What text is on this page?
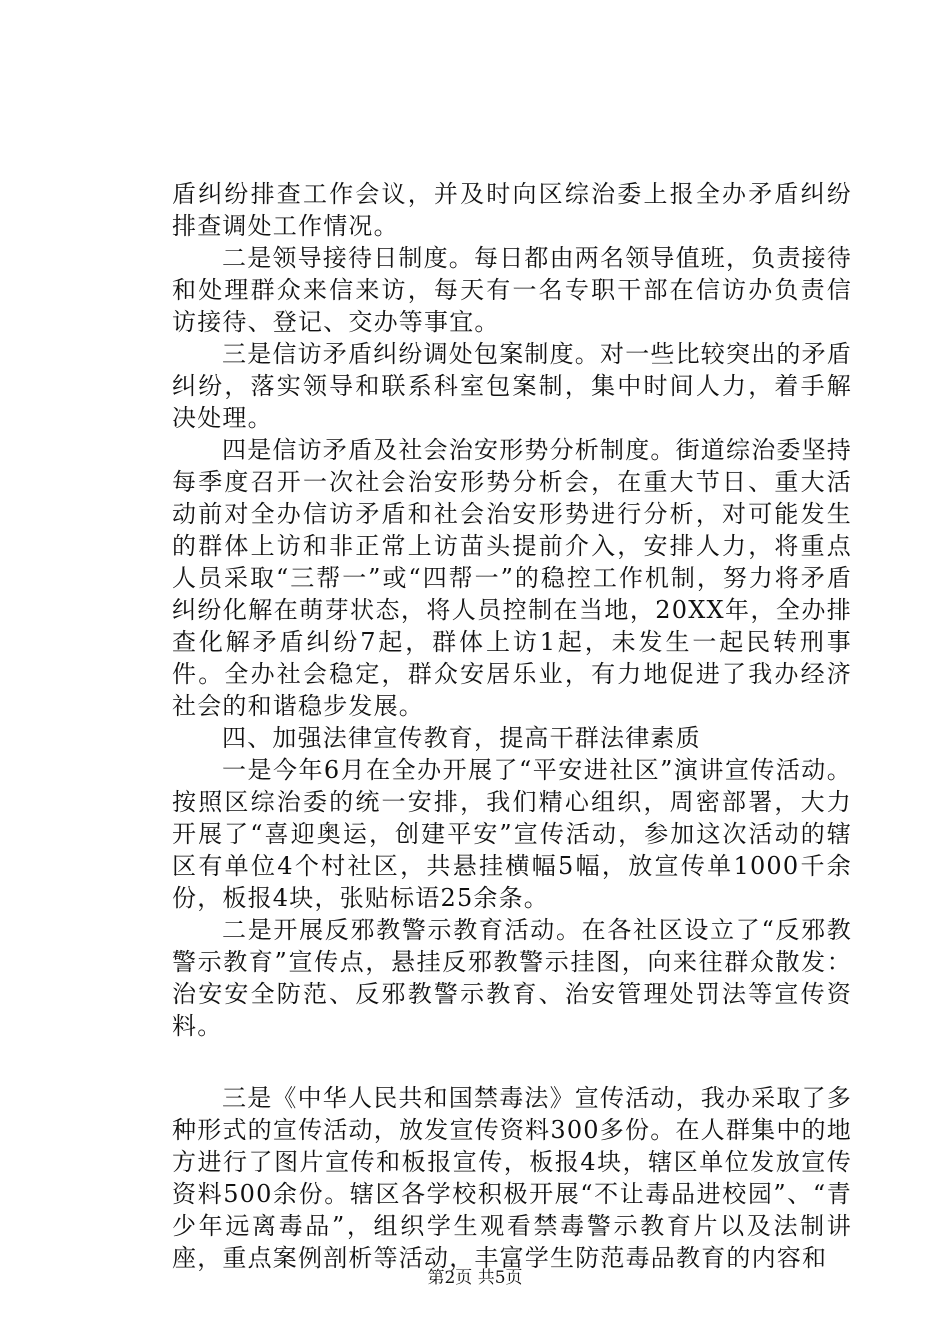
盾纠纷排查工作会议，并及时向区综治委上报全办矛盾纠纷排查调处工作情况。

二是领导接待日制度。每日都由两名领导值班，负责接待和处理群众来信来访，每天有一名专职干部在信访办负责信访接待、登记、交办等事宜。

三是信访矛盾纠纷调处包案制度。对一些比较突出的矛盾纠纷，落实领导和联系科室包案制，集中时间人力，着手解决处理。

四是信访矛盾及社会治安形势分析制度。街道综治委坚持每季度召开一次社会治安形势分析会，在重大节日、重大活动前对全办信访矛盾和社会治安形势进行分析，对可能发生的群体上访和非正常上访苗头提前介入，安排人力，将重点人员采取“三帮一”或“四帮一”的稳控工作机制，努力将矛盾纠纷化解在萌芽状态，将人员控制在当地，20XX年，全办排查化解矛盾纠纷7起，群体上访1起，未发生一起民转刑事件。全办社会稳定，群众安居乐业，有力地促进了我办经济社会的和谐稳步发展。

四、加强法律宣传教育，提高干群法律素质

一是今年6月在全办开展了“平安进社区”演讲宣传活动。按照区综治委的统一安排，我们精心组织，周密部署，大力开展了“喜迎奥运，创建平安”宣传活动，参加这次活动的辖区有单位4个村社区，共悬挂横幅5幅，放宣传单1000千余份，板报4块，张贴标语25余条。

二是开展反邪教警示教育活动。在各社区设立了“反邪教警示教育”宣传点，悬挂反邪教警示挂图，向来往群众散发：治安安全防范、反邪教警示教育、治安管理处罚法等宣传资料。

三是《中华人民共和国禁毒法》宣传活动，我办采取了多种形式的宣传活动，放发宣传资料300多份。在人群集中的地方进行了图片宣传和板报宣传，板报4块，辖区单位发放宣传资料500余份。辖区各学校积极开展“不让毒品进校园”、“青少年远离毒品”，组织学生观看禁毒警示教育片以及法制讲座，重点案例剖析等活动，丰富学生防范毒品教育的内容和

第2页 共5页
